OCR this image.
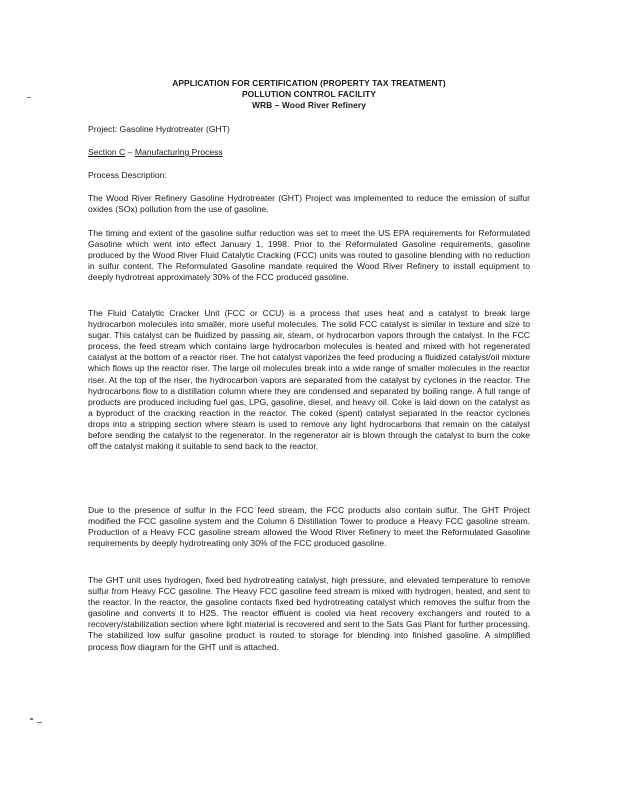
APPLICATION FOR CERTIFICATION (PROPERTY TAX TREATMENT)
POLLUTION CONTROL FACILITY
WRB – Wood River Refinery
Project: Gasoline Hydrotreater (GHT)
Section C – Manufacturing Process
Process Description:
The Wood River Refinery Gasoline Hydrotreater (GHT) Project was implemented to reduce the emission of sulfur oxides (SOx) pollution from the use of gasoline.
The timing and extent of the gasoline sulfur reduction was set to meet the US EPA requirements for Reformulated Gasoline which went into effect January 1, 1998. Prior to the Reformulated Gasoline requirements, gasoline produced by the Wood River Fluid Catalytic Cracking (FCC) units was routed to gasoline blending with no reduction in sulfur content. The Reformulated Gasoline mandate required the Wood River Refinery to install equipment to deeply hydrotreat approximately 30% of the FCC produced gasoline.
The Fluid Catalytic Cracker Unit (FCC or CCU) is a process that uses heat and a catalyst to break large hydrocarbon molecules into smaller, more useful molecules. The solid FCC catalyst is similar in texture and size to sugar. This catalyst can be fluidized by passing air, steam, or hydrocarbon vapors through the catalyst. In the FCC process, the feed stream which contains large hydrocarbon molecules is heated and mixed with hot regenerated catalyst at the bottom of a reactor riser. The hot catalyst vaporizes the feed producing a fluidized catalyst/oil mixture which flows up the reactor riser. The large oil molecules break into a wide range of smaller molecules in the reactor riser. At the top of the riser, the hydrocarbon vapors are separated from the catalyst by cyclones in the reactor. The hydrocarbons flow to a distillation column where they are condensed and separated by boiling range. A full range of products are produced including fuel gas, LPG, gasoline, diesel, and heavy oil. Coke is laid down on the catalyst as a byproduct of the cracking reaction in the reactor. The coked (spent) catalyst separated in the reactor cyclones drops into a stripping section where steam is used to remove any light hydrocarbons that remain on the catalyst before sending the catalyst to the regenerator. In the regenerator air is blown through the catalyst to burn the coke off the catalyst making it suitable to send back to the reactor.
Due to the presence of sulfur in the FCC feed stream, the FCC products also contain sulfur. The GHT Project modified the FCC gasoline system and the Column 6 Distillation Tower to produce a Heavy FCC gasoline stream. Production of a Heavy FCC gasoline stream allowed the Wood River Refinery to meet the Reformulated Gasoline requirements by deeply hydrotreating only 30% of the FCC produced gasoline.
The GHT unit uses hydrogen, fixed bed hydrotreating catalyst, high pressure, and elevated temperature to remove sulfur from Heavy FCC gasoline. The Heavy FCC gasoline feed stream is mixed with hydrogen, heated, and sent to the reactor. In the reactor, the gasoline contacts fixed bed hydrotreating catalyst which removes the sulfur from the gasoline and converts it to H2S. The reactor effluent is cooled via heat recovery exchangers and routed to a recovery/stabilization section where light material is recovered and sent to the Sats Gas Plant for further processing. The stabilized low sulfur gasoline product is routed to storage for blending into finished gasoline. A simplified process flow diagram for the GHT unit is attached.
